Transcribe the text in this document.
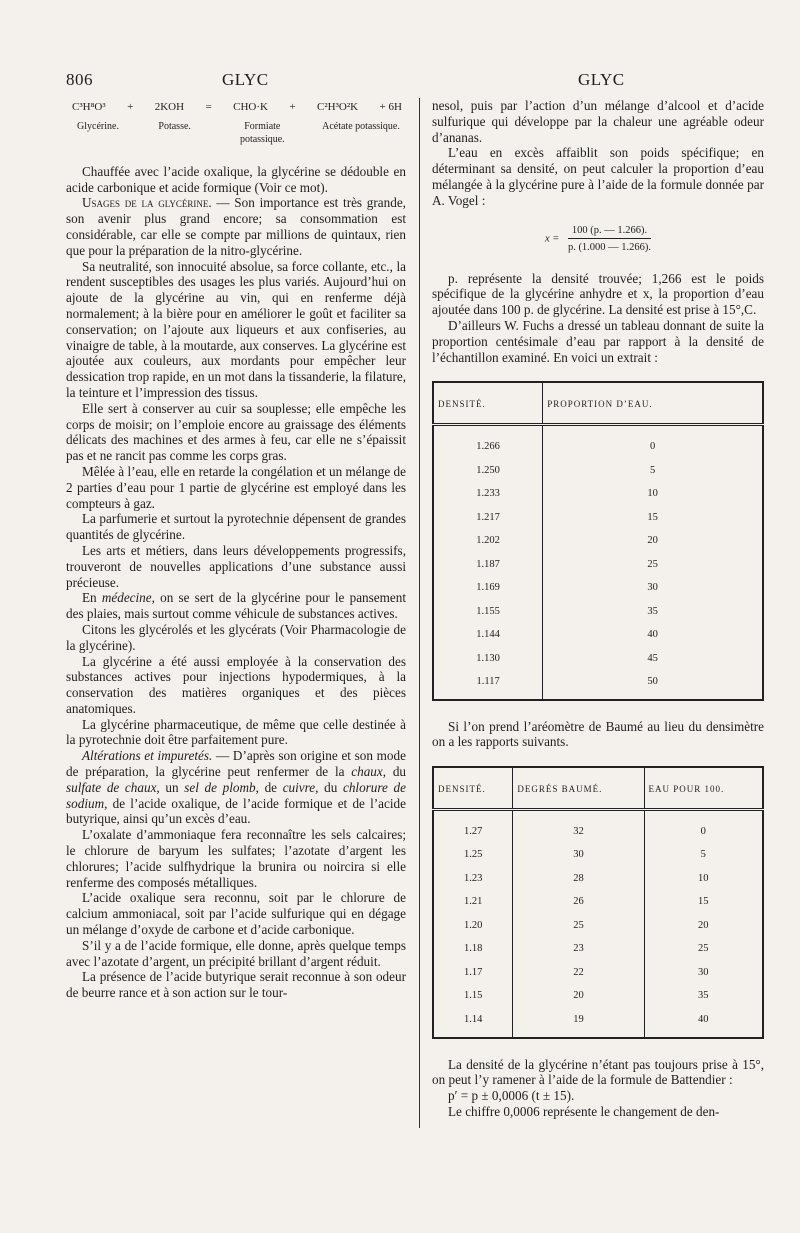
806	GLYC	GLYC
C³H⁸O³ + 2KOH = CHO·K + C²H³O²K + 6H
Glycérine.	Potasse.	Formiate potassique.
Acétate potassique.

Chauffée avec l’acide oxalique, la glycérine se dédouble en acide carbonique et acide formique (Voir ce mot).

Usages de la glycérine. — Son importance est très grande, son avenir plus grand encore; sa consommation est considérable, car elle se compte par millions de quintaux, rien que pour la préparation de la nitro-glycérine.

Sa neutralité, son innocuité absolue, sa force collante, etc., la rendent susceptibles des usages les plus variés. Aujourd’hui on ajoute de la glycérine au vin, qui en renferme déjà normalement; à la bière pour en améliorer le goût et faciliter sa conservation; on l’ajoute aux liqueurs et aux confiseries, au vinaigre de table, à la moutarde, aux conserves. La glycérine est ajoutée aux couleurs, aux mordants pour empêcher leur dessication trop rapide, en un mot dans la tissanderie, la filature, la teinture et l’impression des tissus.

Elle sert à conserver au cuir sa souplesse; elle empêche les corps de moisir; on l’emploie encore au graissage des éléments délicats des machines et des armes à feu, car elle ne s’épaissit pas et ne rancit pas comme les corps gras.

Mêlée à l’eau, elle en retarde la congélation et un mélange de 2 parties d’eau pour 1 partie de glycérine est employé dans les compteurs à gaz.

La parfumerie et surtout la pyrotechnie dépensent de grandes quantités de glycérine.

Les arts et métiers, dans leurs développements progressifs, trouveront de nouvelles applications d’une substance aussi précieuse.

En médecine, on se sert de la glycérine pour le pansement des plaies, mais surtout comme véhicule de substances actives.

Citons les glycérolés et les glycérats (Voir Pharmacologie de la glycérine).

La glycérine a été aussi employée à la conservation des substances actives pour injections hypodermiques, à la conservation des matières organiques et des pièces anatomiques.

La glycérine pharmaceutique, de même que celle destinée à la pyrotechnie doit être parfaitement pure.

Altérations et impuretés. — D’après son origine et son mode de préparation, la glycérine peut renfermer de la chaux, du sulfate de chaux, un sel de plomb, de cuivre, du chlorure de sodium, de l’acide oxalique, de l’acide formique et de l’acide butyrique, ainsi qu’un excès d’eau.

L’oxalate d’ammoniaque fera reconnaître les sels calcaires; le chlorure de baryum les sulfates; l’azotate d’argent les chlorures; l’acide sulfhydrique la brunira ou noircira si elle renferme des composés métalliques.

L’acide oxalique sera reconnu, soit par le chlorure de calcium ammoniacal, soit par l’acide sulfurique qui en dégage un mélange d’oxyde de carbone et d’acide carbonique.

S’il y a de l’acide formique, elle donne, après quelque temps avec l’azotate d’argent, un précipité brillant d’argent réduit.

La présence de l’acide butyrique serait reconnue à son odeur de beurre rance et à son action sur le tour-

nesol, puis par l’action d’un mélange d’alcool et d’acide sulfurique qui développe par la chaleur une agréable odeur d’ananas.

L’eau en excès affaiblit son poids spécifique; en déterminant sa densité, on peut calculer la proportion d’eau mélangée à la glycérine pure à l’aide de la formule donnée par A. Vogel :

$x = \frac{100 (p. — 1.266).}{p. (1.000 — 1.266).}$

p. représente la densité trouvée; 1,266 est le poids spécifique de la glycérine anhydre et x, la proportion d’eau ajoutée dans 100 p. de glycérine. La densité est prise à 15°,C.

D’ailleurs W. Fuchs a dressé un tableau donnant de suite la proportion centésimale d’eau par rapport à la densité de l’échantillon examiné. En voici un extrait :

DENSITÉ.	PROPORTION D’EAU.
1.266	0
1.250	5
1.233	10
1.217	15
1.202	20
1.187	25
1.169	30
1.155	35
1.144	40
1.130	45
1.117	50

Si l’on prend l’aréomètre de Baumé au lieu du densimètre on a les rapports suivants.

DENSITÉ.	DEGRÉS BAUMÉ.	EAU POUR 100.
1.27	32	0
1.25	30	5
1.23	28	10
1.21	26	15
1.20	25	20
1.18	23	25
1.17	22	30
1.15	20	35
1.14	19	40

La densité de la glycérine n’étant pas toujours prise à 15°, on peut l’y ramener à l’aide de la formule de Battendier :

p′ = p ± 0,0006 (t ± 15).

Le chiffre 0,0006 représente le changement de den-
